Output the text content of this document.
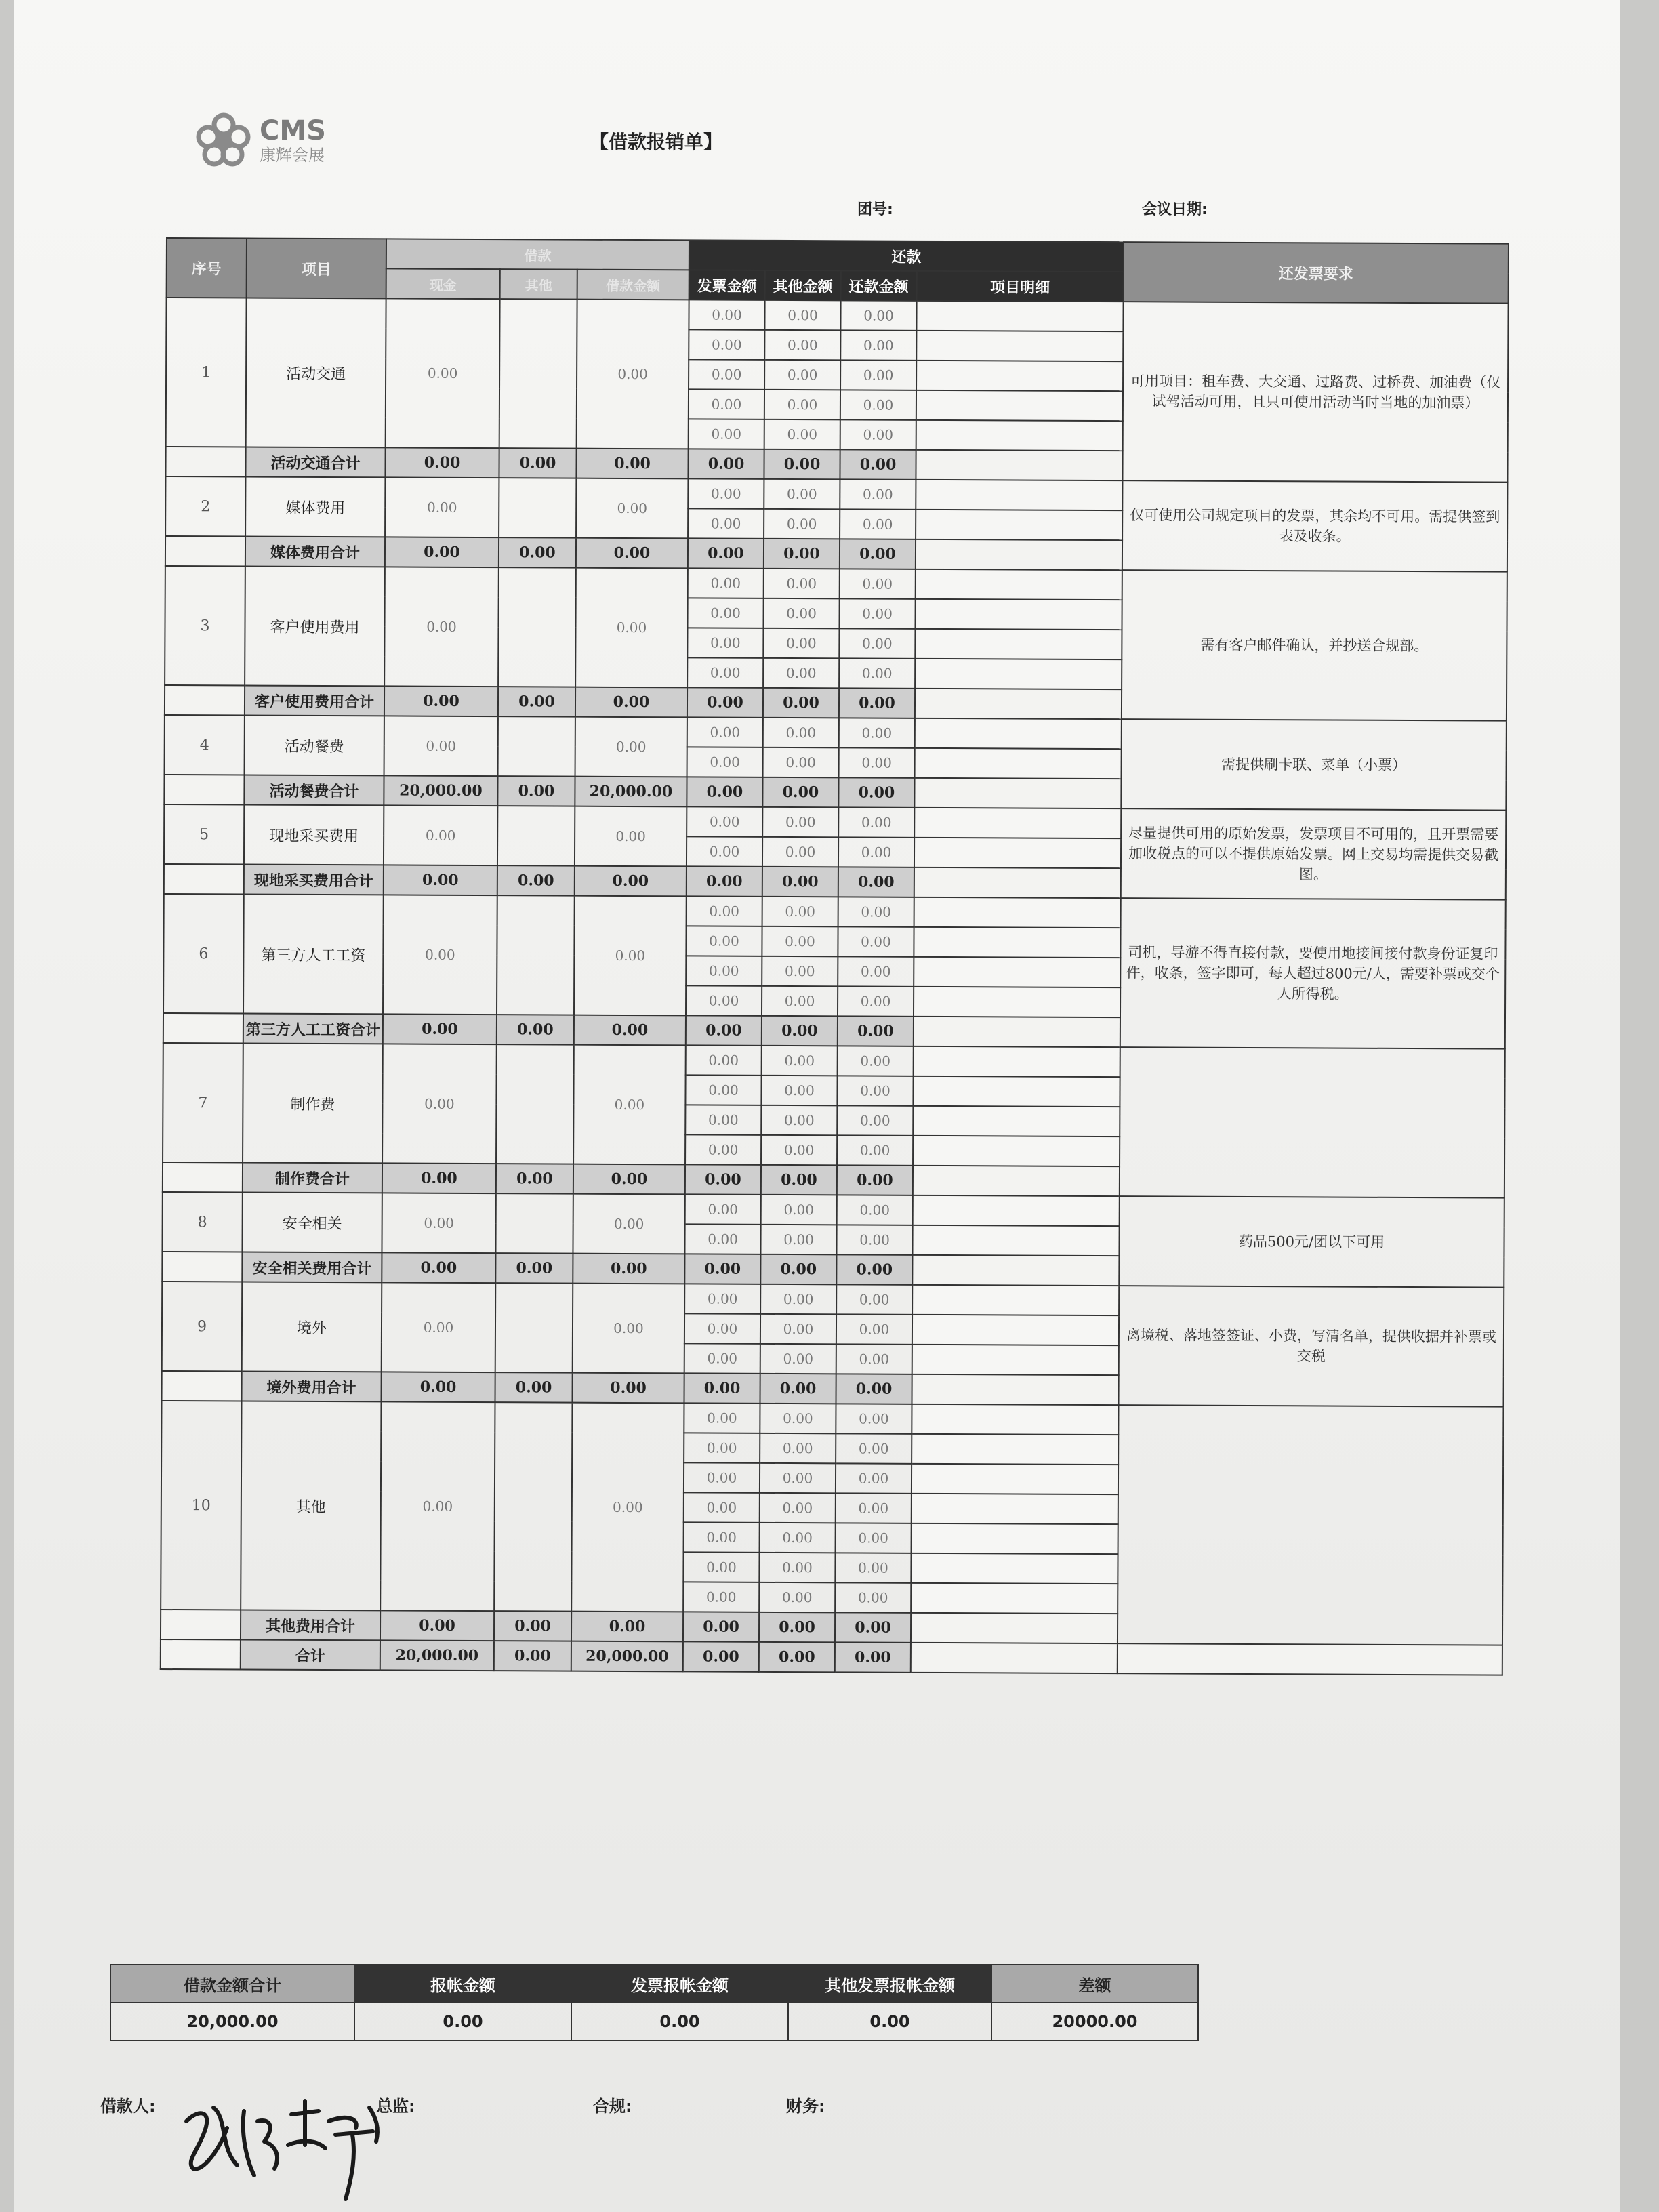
CMS
康辉会展
【借款报销单】
团号:	会议日期:
序号	项目	借款			还款				还发票要求
		现金	其他	借款金额	发票金额	其他金额	还款金额	项目明细	
1	活动交通	0.00		0.00	0.00	0.00	0.00		可用项目：租车费、大交通、过路费、过桥费、加油费（仅试驾活动可用，且只可使用活动当时当地的加油票）
					0.00	0.00	0.00		
					0.00	0.00	0.00		
					0.00	0.00	0.00		
					0.00	0.00	0.00		
	活动交通合计	0.00	0.00	0.00	0.00	0.00	0.00		
2	媒体费用	0.00		0.00	0.00	0.00	0.00		仅可使用公司规定项目的发票，其余均不可用。需提供签到表及收条。
					0.00	0.00	0.00		
	媒体费用合计	0.00	0.00	0.00	0.00	0.00	0.00		
3	客户使用费用	0.00		0.00	0.00	0.00	0.00		需有客户邮件确认，并抄送合规部。
					0.00	0.00	0.00		
					0.00	0.00	0.00		
					0.00	0.00	0.00		
	客户使用费用合计	0.00	0.00	0.00	0.00	0.00	0.00		
4	活动餐费	0.00		0.00	0.00	0.00	0.00		需提供刷卡联、菜单（小票）
					0.00	0.00	0.00		
	活动餐费合计	20,000.00	0.00	20,000.00	0.00	0.00	0.00		
5	现地采买费用	0.00		0.00	0.00	0.00	0.00		尽量提供可用的原始发票，发票项目不可用的，且开票需要加收税点的可以不提供原始发票。网上交易均需提供交易截图。
					0.00	0.00	0.00		
	现地采买费用合计	0.00	0.00	0.00	0.00	0.00	0.00		
6	第三方人工工资	0.00		0.00	0.00	0.00	0.00		司机，导游不得直接付款，要使用地接间接付款身份证复印件，收条，签字即可，每人超过800元/人，需要补票或交个人所得税。
					0.00	0.00	0.00		
					0.00	0.00	0.00		
					0.00	0.00	0.00		
	第三方人工工资合计	0.00	0.00	0.00	0.00	0.00	0.00		
7	制作费	0.00		0.00	0.00	0.00	0.00		
					0.00	0.00	0.00		
					0.00	0.00	0.00		
					0.00	0.00	0.00		
	制作费合计	0.00	0.00	0.00	0.00	0.00	0.00		
8	安全相关	0.00		0.00	0.00	0.00	0.00		药品500元/团以下可用
					0.00	0.00	0.00		
	安全相关费用合计	0.00	0.00	0.00	0.00	0.00	0.00		
9	境外	0.00		0.00	0.00	0.00	0.00		离境税、落地签签证、小费，写清名单，提供收据并补票或交税
					0.00	0.00	0.00		
					0.00	0.00	0.00		
	境外费用合计	0.00	0.00	0.00	0.00	0.00	0.00		
10	其他	0.00		0.00	0.00	0.00	0.00		
					0.00	0.00	0.00		
					0.00	0.00	0.00		
					0.00	0.00	0.00		
					0.00	0.00	0.00		
					0.00	0.00	0.00		
					0.00	0.00	0.00		
	其他费用合计	0.00	0.00	0.00	0.00	0.00	0.00		
	合计	20,000.00	0.00	20,000.00	0.00	0.00	0.00		
借款金额合计	报帐金额	发票报帐金额	其他发票报帐金额	差额
20,000.00	0.00	0.00	0.00	20000.00
借款人:	总监:	合规:	财务:
